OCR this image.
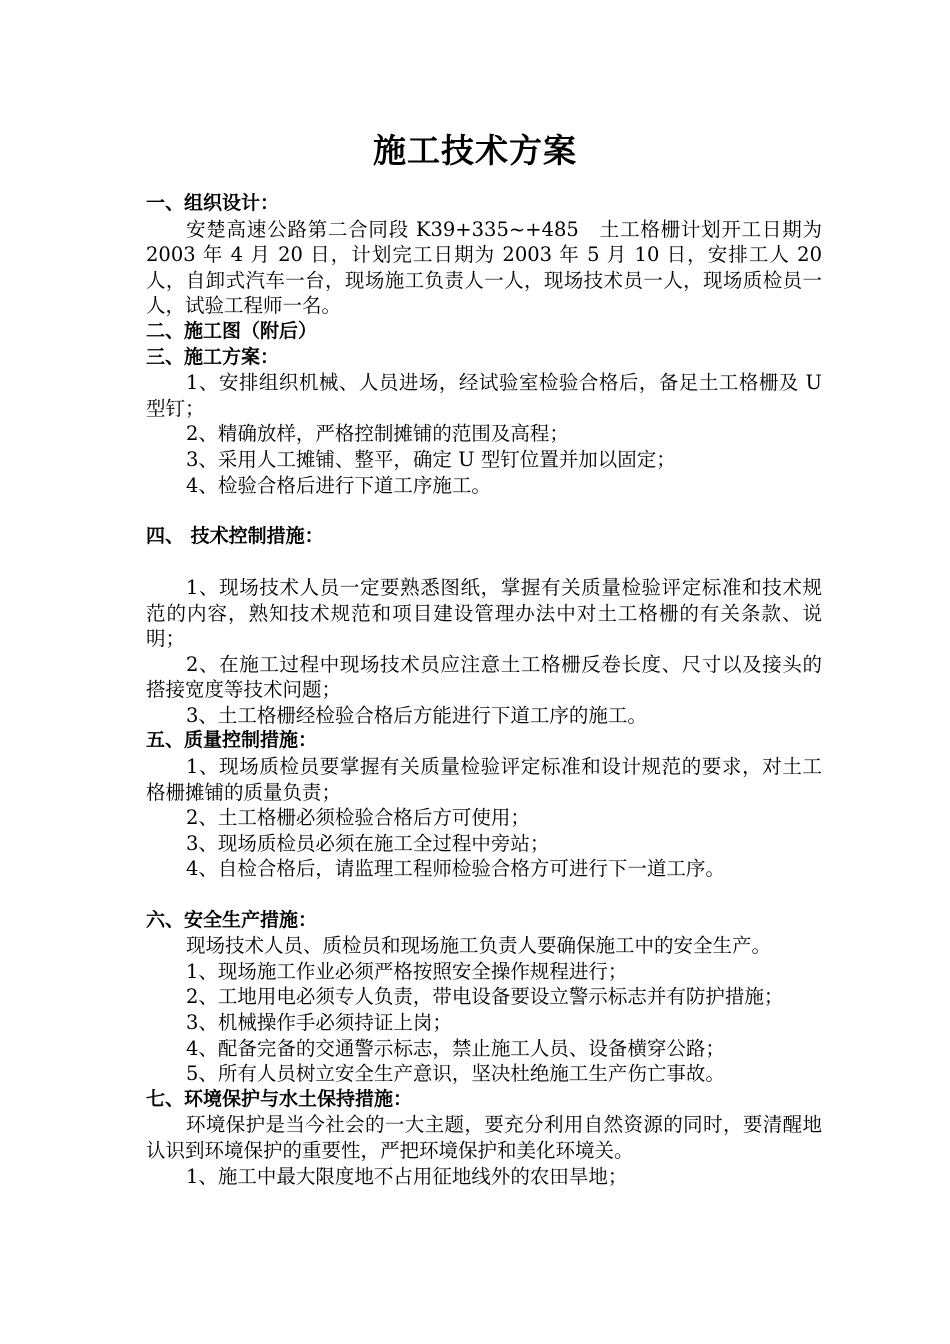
施工技术方案
一、组织设计：
安楚高速公路第二合同段 K39+335~+485　土工格栅计划开工日期为 2003 年 4 月 20 日，计划完工日期为 2003 年 5 月 10 日，安排工人 20 人，自卸式汽车一台，现场施工负责人一人，现场技术员一人，现场质检员一人，试验工程师一名。
二、施工图（附后）
三、施工方案：
1、安排组织机械、人员进场，经试验室检验合格后，备足土工格栅及 U 型钉；
2、精确放样，严格控制摊铺的范围及高程；
3、采用人工摊铺、整平，确定 U 型钉位置并加以固定；
4、检验合格后进行下道工序施工。
四、 技术控制措施：
1、现场技术人员一定要熟悉图纸，掌握有关质量检验评定标准和技术规范的内容，熟知技术规范和项目建设管理办法中对土工格栅的有关条款、说明；
2、在施工过程中现场技术员应注意土工格栅反卷长度、尺寸以及接头的搭接宽度等技术问题；
3、土工格栅经检验合格后方能进行下道工序的施工。
五、质量控制措施：
1、现场质检员要掌握有关质量检验评定标准和设计规范的要求，对土工格栅摊铺的质量负责；
2、土工格栅必须检验合格后方可使用；
3、现场质检员必须在施工全过程中旁站；
4、自检合格后，请监理工程师检验合格方可进行下一道工序。
六、安全生产措施：
现场技术人员、质检员和现场施工负责人要确保施工中的安全生产。
1、现场施工作业必须严格按照安全操作规程进行；
2、工地用电必须专人负责，带电设备要设立警示标志并有防护措施；
3、机械操作手必须持证上岗；
4、配备完备的交通警示标志，禁止施工人员、设备横穿公路；
5、所有人员树立安全生产意识，坚决杜绝施工生产伤亡事故。
七、环境保护与水土保持措施：
环境保护是当今社会的一大主题，要充分利用自然资源的同时，要清醒地认识到环境保护的重要性，严把环境保护和美化环境关。
1、施工中最大限度地不占用征地线外的农田旱地；
